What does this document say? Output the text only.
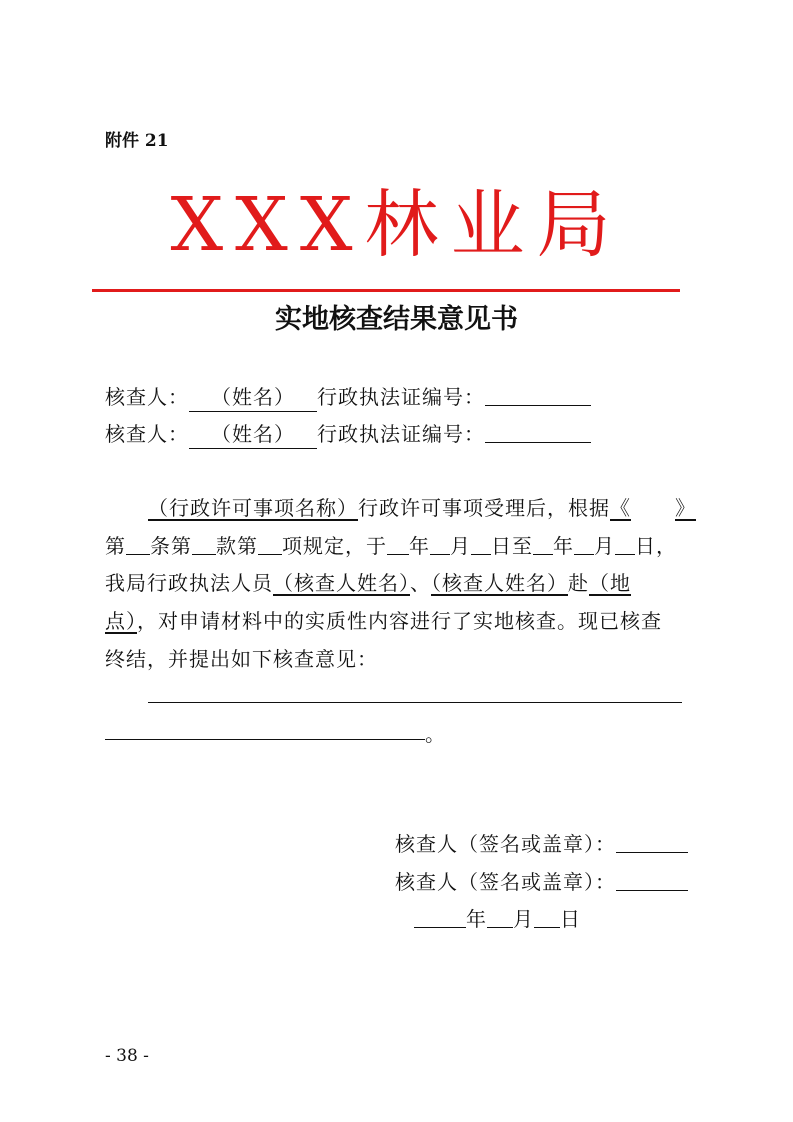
附件 21
XXX林业局
实地核查结果意见书
核查人： （姓名） 行政执法证编号：
核查人： （姓名） 行政执法证编号：
（行政许可事项名称）行政许可事项受理后，根据《 》
第 条第 款第 项规定，于 年 月 日至 年 月 日，
我局行政执法人员（核查人姓名）、（核查人姓名）赴（地
点），对申请材料中的实质性内容进行了实地核查。现已核查
终结，并提出如下核查意见：
。
核查人（签名或盖章）：
核查人（签名或盖章）：
年 月 日
- 38 -
